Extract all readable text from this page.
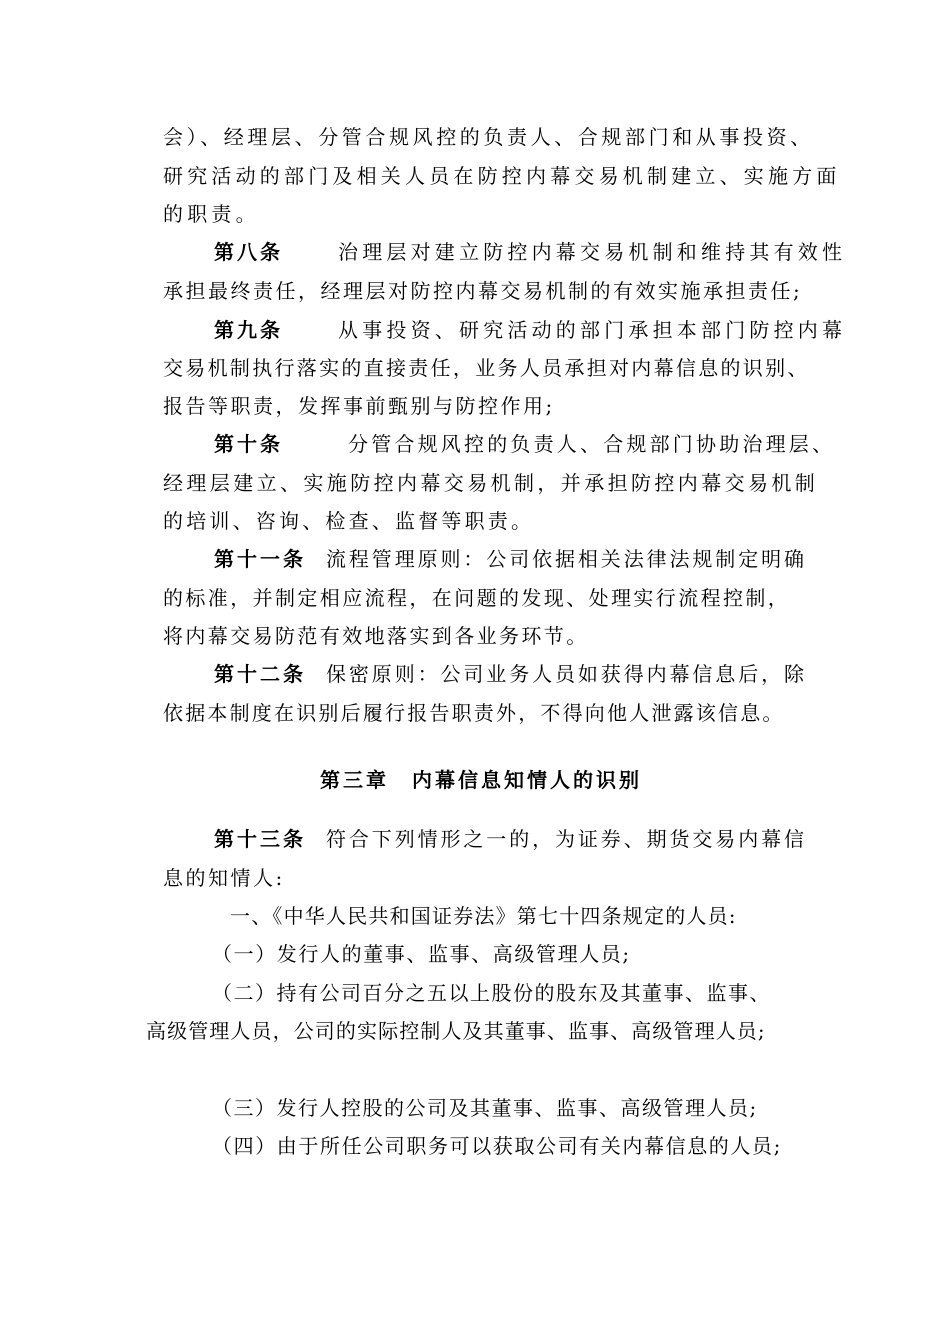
会）、经理层、分管合规风控的负责人、合规部门和从事投资、
研究活动的部门及相关人员在防控内幕交易机制建立、实施方面
的职责。
第八条	治理层对建立防控内幕交易机制和维持其有效性
承担最终责任，经理层对防控内幕交易机制的有效实施承担责任;
第九条	从事投资、研究活动的部门承担本部门防控内幕
交易机制执行落实的直接责任，业务人员承担对内幕信息的识别、
报告等职责，发挥事前甄别与防控作用;
第十条	分管合规风控的负责人、合规部门协助治理层、
经理层建立、实施防控内幕交易机制，并承担防控内幕交易机制
的培训、咨询、检查、监督等职责。
第十一条 流程管理原则：公司依据相关法律法规制定明确
的标准，并制定相应流程，在问题的发现、处理实行流程控制，
将内幕交易防范有效地落实到各业务环节。
第十二条 保密原则：公司业务人员如获得内幕信息后，除
依据本制度在识别后履行报告职责外，不得向他人泄露该信息。
第三章　内幕信息知情人的识别
第十三条 符合下列情形之一的，为证券、期货交易内幕信
息的知情人:
一、《中华人民共和国证券法》第七十四条规定的人员:
（一）发行人的董事、监事、高级管理人员;
（二）持有公司百分之五以上股份的股东及其董事、监事、
高级管理人员，公司的实际控制人及其董事、监事、高级管理人员;
（三）发行人控股的公司及其董事、监事、高级管理人员;
（四）由于所任公司职务可以获取公司有关内幕信息的人员;
